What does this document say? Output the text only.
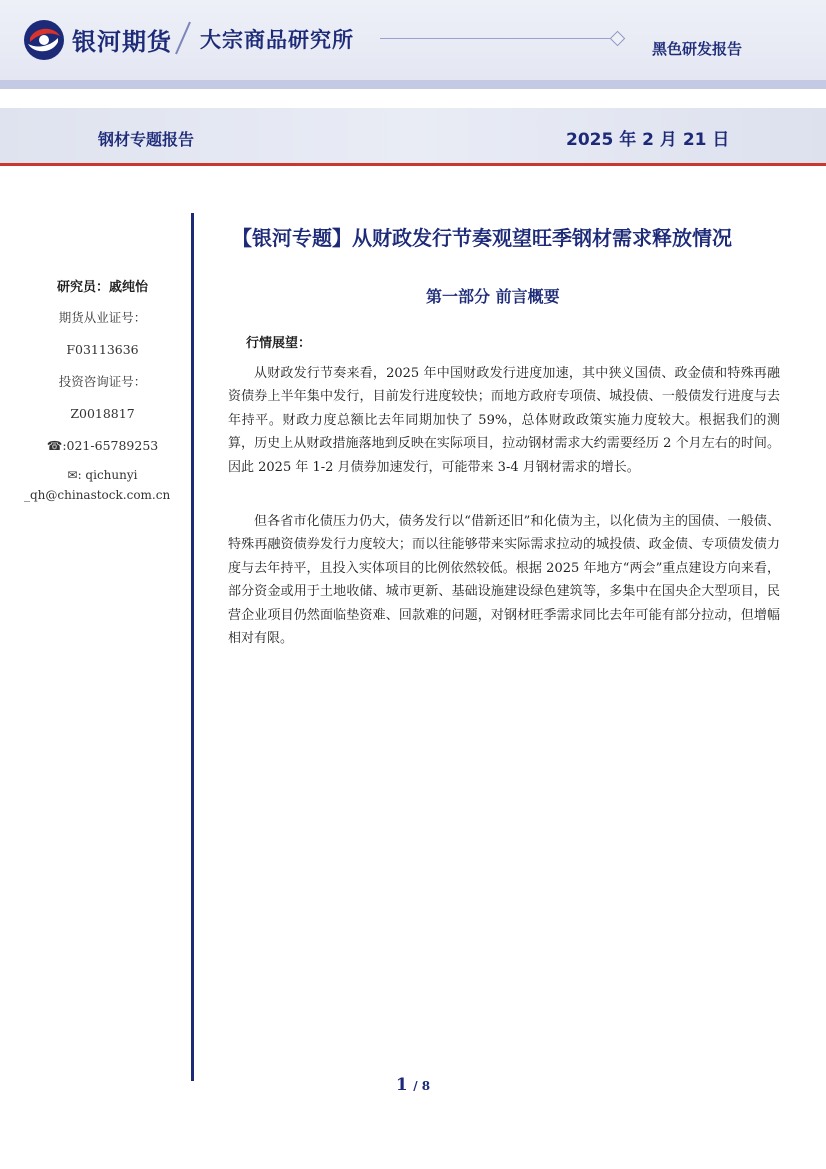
银河期货 大宗商品研究所	黑色研发报告
钢材专题报告	2025 年 2 月 21 日
研究员：戚纯怡
期货从业证号：
F03113636
投资咨询证号：
Z0018817
☎:021-65789253
✉: qichunyi
_qh@chinastock.com.cn
【银河专题】从财政发行节奏观望旺季钢材需求释放情况
第一部分 前言概要
行情展望：

从财政发行节奏来看，2025 年中国财政发行进度加速，其中狭义国债、政金债和特殊再融资债券上半年集中发行，目前发行进度较快；而地方政府专项债、城投债、一般债发行进度与去年持平。财政力度总额比去年同期加快了 59%，总体财政政策实施力度较大。根据我们的测算，历史上从财政措施落地到反映在实际项目，拉动钢材需求大约需要经历 2 个月左右的时间。因此 2025 年 1-2 月债券加速发行，可能带来 3-4 月钢材需求的增长。

但各省市化债压力仍大，债务发行以“借新还旧”和化债为主，以化债为主的国债、一般债、特殊再融资债券发行力度较大；而以往能够带来实际需求拉动的城投债、政金债、专项债发债力度与去年持平，且投入实体项目的比例依然较低。根据 2025 年地方“两会”重点建设方向来看，部分资金或用于土地收储、城市更新、基础设施建设绿色建筑等，多集中在国央企大型项目，民营企业项目仍然面临垫资难、回款难的问题，对钢材旺季需求同比去年可能有部分拉动，但增幅相对有限。

1 / 8
